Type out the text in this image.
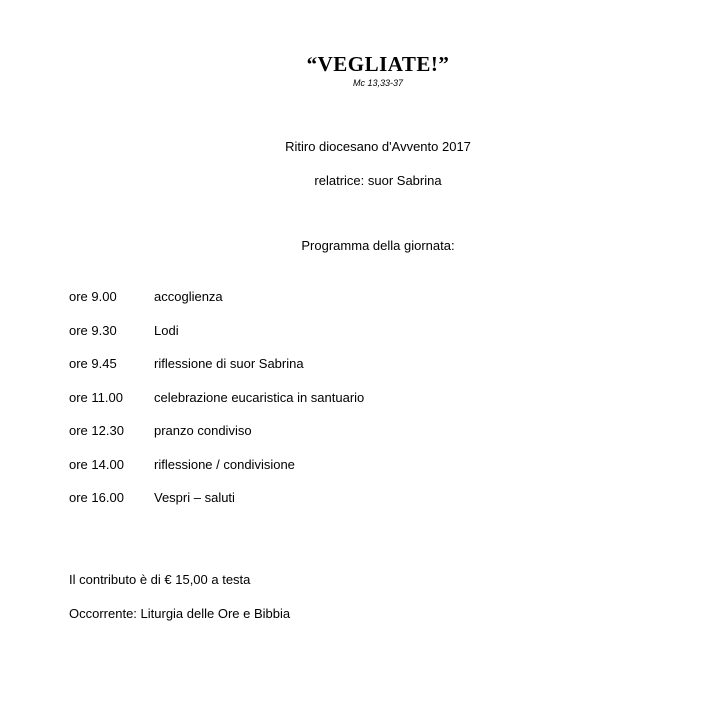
“VEGLIATE!”
Mc 13,33-37
Ritiro diocesano d'Avvento 2017
relatrice: suor Sabrina
Programma della giornata:
ore 9.00	accoglienza
ore 9.30	Lodi
ore 9.45	riflessione di suor Sabrina
ore 11.00	celebrazione eucaristica in santuario
ore 12.30	pranzo condiviso
ore 14.00	riflessione / condivisione
ore 16.00	Vespri – saluti
Il contributo è di € 15,00 a testa
Occorrente: Liturgia delle Ore e Bibbia
